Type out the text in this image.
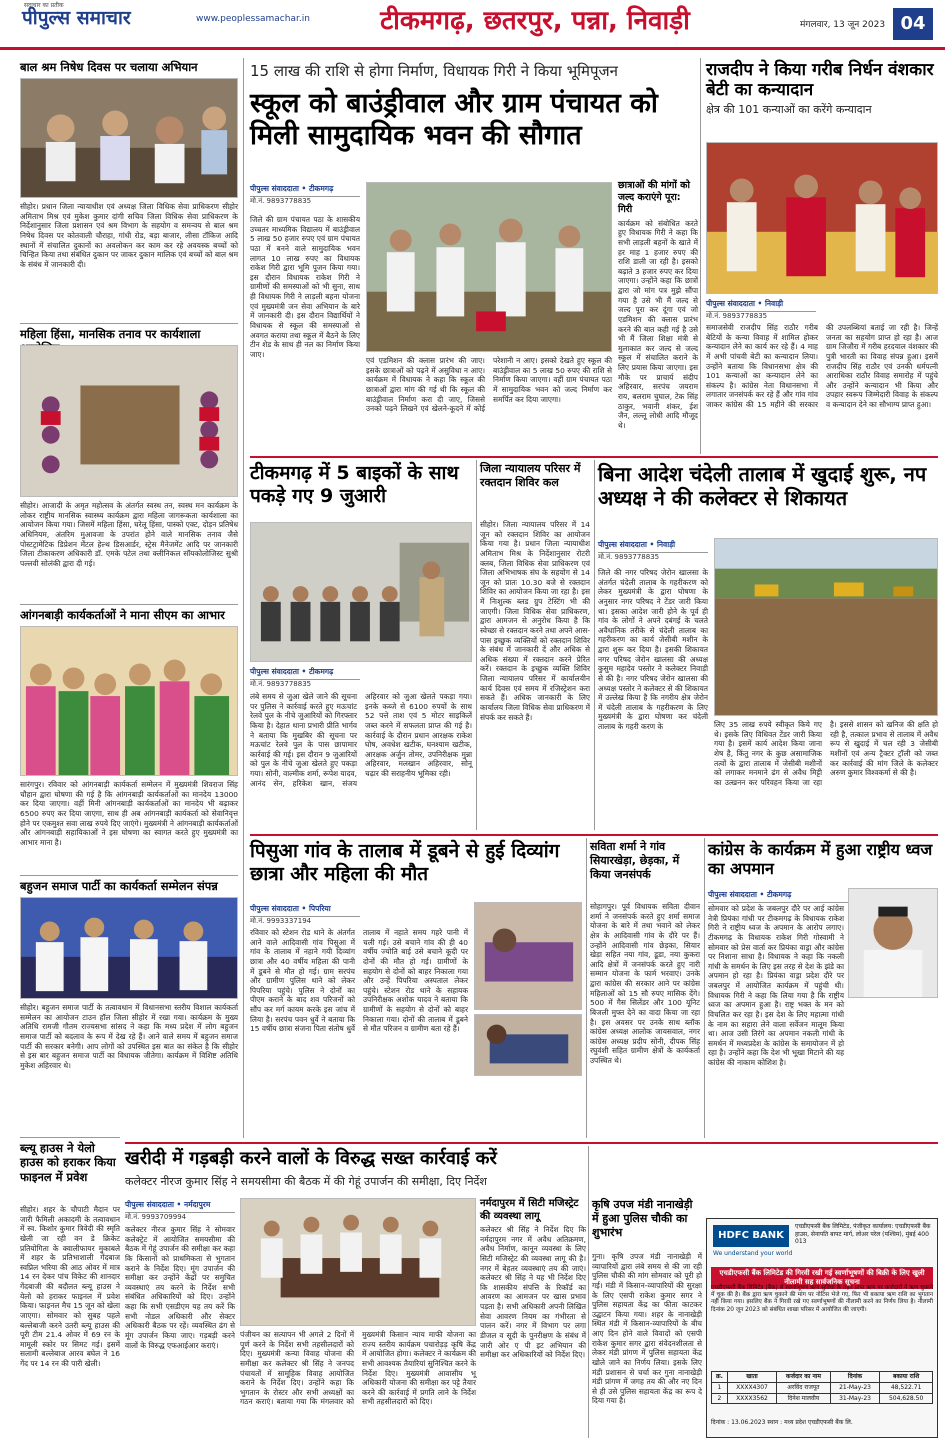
सदाचार का प्रतीक
पीपुल्स समाचार	www.peoplessamachar.in	टीकमगढ़, छतरपुर, पन्ना, निवाड़ी	मंगलवार, 13 जून 2023 04
बाल श्रम निषेध दिवस पर चलाया अभियान
सीहोर। प्रधान जिला न्यायाधीश एवं अध्यक्ष जिला विधिक सेवा प्राधिकरण सीहोर अमिताभ मिश्र एवं मुकेश कुमार दांगी सचिव जिला विधिक सेवा प्राधिकरण के निर्देशानुसार जिला प्रशासन एवं श्रम विभाग के सहयोग व समन्वय से बाल श्रम निषेध दिवस पर कोतवाली चौराहा, गांधी रोड, बड़ा बाजार, लीसा टॉकिज आदि स्थानों में संचालित दुकानों का अवलोकन कर काम कर रहे अवयस्क बच्चों को चिन्हित किया तथा संबंधित दुकान पर जाकर दुकान मालिक एवं बच्चों को बाल श्रम के संबंध में जानकारी दी।
महिला हिंसा, मानसिक तनाव पर कार्यशाला
सीहोर। आजादी के अमृत महोत्सव के अंतर्गत स्वस्थ तन, स्वस्थ मन कार्यक्रम के लोकर राष्ट्रीय मानसिक स्वास्थ्य कार्यक्रम द्वारा महिला जागरूकता कार्यशाला का आयोजन किया गया। जिसमें महिला हिंसा, घरेलू हिंसा, पास्को एक्ट, दोड़न प्रतिषेध अधिनियम, अंतरिम मुआवजा के उपरांत होने वाले मानसिक तनाव जैसे पोस्टट्रामेटिक डिप्रेशन मेंटल हेल्थ डिसआर्डर, स्ट्रेस मैनेजमेंट आदि पर जानकारी जिला टीकाकरण अधिकारी डॉ. एमके पटेल तथा क्लीनिकल सॉयकोलोजिस्ट सुश्री पल्लवी सोलंकी द्वारा दी गई।
आंगनबाड़ी कार्यकर्ताओं ने माना सीएम का आभार
सारंगपुर। रविवार को आंगनबाड़ी कार्यकर्ता सम्मेलन में मुख्यमंत्री शिवराज सिंह चौहान द्वारा घोषणा की गई है कि आंगनबाड़ी कार्यकर्ताओं का मानदेय 13000 कर दिया जाएगा। वहीं मिनी आंगनबाड़ी कार्यकर्ताओं का मानदेय भी बढ़ाकर 6500 रुपए कर दिया जाएगा, साथ ही अब आंगनबाड़ी कार्यकर्ता को सेवानिवृत्त होने पर एकमुश्त सवा लाख रुपये दिए जाएंगे। मुख्यमंत्री ने आंगनबाड़ी कार्यकर्ताओं और आंगनबाड़ी सहायिकाओं ने इस घोषणा का स्वागत करते हुए मुख्यमंत्री का आभार माना है।
बहुजन समाज पार्टी का कार्यकर्ता सम्मेलन संपन्न
सीहोर। बहुजन समाज पार्टी के तत्वावधान में विधानसभा स्तरीय विशाल कार्यकर्ता सम्मेलन का आयोजन टाउन हॉल जिला सीहोर में रखा गया। कार्यक्रम के मुख्य अतिथि रामजी गौतम राज्यसभा सांसद ने कहा कि मध्य प्रदेश में लोग बहुजन समाज पार्टी को बदलाव के रूप में देख रहे हैं। आने वाले समय में बहुजन समाज पार्टी की सरकार बनेगी। आप लोगों को उपस्थित इस बात का संकेत है कि सीहोर से इस बार बहुजन समाज पार्टी का विधायक जीतेगा। कार्यक्रम में विशिष्ट अतिथि मुकेश अहिरवार थे।
ब्ल्यू हाउस ने येलो हाउस को हराकर किया फाइनल में प्रवेश
सीहोर। शहर के चौपाटी मैदान पर जारी फैमिली अकादमी के तत्वावधान में स्व. किशोर कुमार त्रिवेदी की स्मृति खेली जा रही वन डे क्रिकेट प्रतियोगिता के क्वालीफायर मुकाबले में शहर के प्रतिभाशाली गेंदबाज स्वप्निल भरिया की आठ ओवर में मात्र 14 रन देकर पांच विकेट की शानदार गेंदबाजी की बदौलत ब्ल्यू हाउस ने येलो को हराकर फाइनल में प्रवेश किया। फाइनल मैच 15 जून को खेला जाएगा। सोमवार को सुबह पहले बल्लेबाजी करने उतरी ब्ल्यू हाउस की पूरी टीम 21.4 ओवर में 69 रन के मामूली स्कोर पर सिमट गई। इसमें सलामी बल्लेबाज आरव बघेल ने 16 गेंद पर 14 रन की पारी खेली।
15 लाख की राशि से होगा निर्माण, विधायक गिरी ने किया भूमिपूजन
स्कूल को बाउंड्रीवाल और ग्राम पंचायत को मिली सामुदायिक भवन की सौगात
पीपुल्स संवाददाता • टीकमगढ़
मो.नं. 9893778835
जिले की ग्राम पंचायत पठा के शासकीय उच्चतर माध्यमिक विद्यालय में बाउंड्रीवाल 5 लाख 50 हजार रुपए एवं ग्राम पंचायत पठा में बनने वाले सामुदायिक भवन लागत 10 लाख रुपए का विधायक राकेश गिरी द्वारा भूमि पूजन किया गया। इस दौरान विधायक राकेश गिरी ने ग्रामीणों की समस्याओं को भी सुना, साथ ही विधायक गिरी ने लाड़ली बहना योजना एवं मुख्यमंत्री जन सेवा अभियान के बारे में जानकारी दी। इस दौरान विद्यार्थियों ने विधायक से स्कूल की समस्याओं से अवगत कराया तथा स्कूल में बैठने के लिए टीन शेड के साथ ही नल का निर्माण किया जाए।
एवं एडमिशन की क्लास प्रारंभ की जाए। इसके छात्राओं को पढ़ने में असुविधा न आए। कार्यक्रम में विधायक ने कहा कि स्कूल की छात्राओं द्वारा मांग की गई थी कि स्कूल की बाउंड्रीवाल निर्माण करा दी जाए, जिससे उनको पढ़ने लिखने एवं खेलने-कूदने में कोई परेशानी न आए। इसको देखते हुए स्कूल की बाउंड्रीवाल का 5 लाख 50 रुपए की राशि से निर्माण किया जाएगा। वहीं ग्राम पंचायत पठा में सामुदायिक भवन को जल्द निर्माण कर समर्पित कर दिया जाएगा।
छात्राओं की मांगों को जल्द कराएंगे पूरा: गिरी
कार्यक्रम को संबोधित करते हुए विधायक गिरी ने कहा कि सभी लाड़ली बहनों के खाते में हर माह 1 हजार रुपए की राशि डाली जा रही है। इसको बढ़ाते 3 हजार रुपए कर दिया जाएगा। उन्होंने कहा कि छात्रों द्वारा जो मांग पत्र मुझे सौंपा गया है उसे भी मैं जल्द से जल्द पूरा कर दूंगा एवं जो एडमिशन की क्लास प्रारंभ करने की बात कही गई है उसे भी मैं जिला शिक्षा मंत्री से मुलाकात कर जल्द से जल्द स्कूल में संचालित कराने के लिए प्रयास किया जाएगा। इस मौके पर प्राचार्य संदीप अहिरवार, सरपंच जयराम राय, बलराम चुघाल, टेक सिंह ठाकुर, भवानी शंकर, ईश जैन, लल्लू लोधी आदि मौजूद थे।
राजदीप ने किया गरीब निर्धन वंशकार बेटी का कन्यादान
क्षेत्र की 101 कन्याओं का करेंगे कन्यादान
पीपुल्स संवाददाता • निवाड़ी
मो.नं. 9893778835
समाजसेवी राजदीप सिंह राठौर गरीब बेटियों के कन्या विवाह में शामिल होकर कन्यादान लेने का कार्य कर रहे हैं। 4 माह में अभी पांचवी बेटी का कन्यादान लिया। उन्होंने बताया कि विधानसभा क्षेत्र की 101 कन्याओं का कन्यादान लेने का संकल्प है। कांग्रेस नेता विधानसभा में लगातार जनसंपर्क कर रहे हैं और गांव गांव जाकर कांग्रेस की 15 महीने की सरकार की उपलब्धियां बताई जा रही है। जिन्हें जनता का सहयोग प्राप्त हो रहा है। आज ग्राम जिजौरा में गरीब हरदयाल वंशकार की पुत्री भारती का विवाह संपन्न हुआ। इसमें राजदीप सिंह राठौर एवं उनकी धर्मपत्नी आराधिका राठौर विवाह समारोह में पहुंचे और उन्होंने कन्यादान भी किया और उपहार स्वरूप जिम्मेदारी विवाह के संकल्प व कन्यादान देने का सौभाग्य प्राप्त हुआ।
टीकमगढ़ में 5 बाइकों के साथ पकड़े गए 9 जुआरी
पीपुल्स संवाददाता • टीकमगढ़
मो.नं. 9893778835
लंबे समय से जुआ खेले जाने की सूचना पर पुलिस ने कार्रवाई करते हुए मऊचांट रेलवे पुल के नीचे जुआरियों को गिरफ्तार किया है। देहात थाना प्रभारी प्रीति भार्गव ने बताया कि मुखबिर की सूचना पर मऊचांट रेलवे पुल के पास छापामार कार्रवाई की गई। इस दौरान 9 जुआरियों को पुल के नीचे जुआ खेलते हुए पकड़ा गया। सोनी, वाल्मीक शर्मा, रूपेश यादव, आनंद सेन, हरिकेश खान, संजय अहिरवार को जुआ खेलते पकड़ा गया। इनके कब्जे से 6100 रुपयों के साथ 52 पत्ते ताश एवं 5 मोटर साइकिलें जब्त करने में सफलता प्राप्त की गई है। कार्रवाई के दौरान प्रधान आरक्षक राकेश घोष, अवधेश खटीक, घनश्याम खटीक, आरक्षक अर्जुन तोमर, उपनिरीक्षक मुन्ना अहिरवार, मलखान अहिरवार, सोनू चढ़ार की सराहनीय भूमिका रही।
जिला न्यायालय परिसर में रक्तदान शिविर कल
सीहोर। जिला न्यायालय परिसर में 14 जून को रक्तदान शिविर का आयोजन किया गया है। प्रधान जिला न्यायाधीश अमिताभ मिश्र के निर्देशानुसार रोटरी क्लब, जिला विधिक सेवा प्राधिकरण एवं जिला अभिभाषक संघ के सहयोग से 14 जून को प्रातः 10.30 बजे से रक्तदान शिविर का आयोजन किया जा रहा है। इस में निःशुल्क ब्लड ग्रुप टेस्टिंग भी की जाएगी। जिला विधिक सेवा प्राधिकरण, द्वारा आमजन से अनुरोध किया है कि स्वेच्छा से रक्तदान करने तथा अपने आस-पास इच्छुक व्यक्तियों को रक्तदान शिविर के संबंध में जानकारी दें और अधिक से अधिक संख्या में रक्तदान करने प्रेरित करें। रक्तदान के इच्छुक व्यक्ति शिविर जिला न्यायालय परिसर में कार्यालयीन कार्य दिवस एवं समय में रजिस्ट्रेशन करा सकते हैं। अधिक जानकारी के लिए कार्यालय जिला विधिक सेवा प्राधिकरण में संपर्क कर सकते हैं।
बिना आदेश चंदेली तालाब में खुदाई शुरू, नप अध्यक्ष ने की कलेक्टर से शिकायत
पीपुल्स संवाददाता • निवाड़ी
मो.नं. 9893778835
जिले की नगर परिषद जेरोन खालसा के अंतर्गत चंदेली तालाब के गहरीकरण को लेकर मुख्यमंत्री के द्वारा घोषणा के अनुसार नगर परिषद ने टेंडर जारी किया था। इसका आदेश जारी होने के पूर्व ही गांव के लोगों ने अपने दबंगई के चलते अवैधानिक तरीके से चंदेली तालाब का गहरीकरण का कार्य जेसीबी मशीन के द्वारा शुरू कर दिया है। इसकी शिकायत नगर परिषद जेरोन खालसा की अध्यक्ष कुसुम महादेव पस्तोर ने कलेक्टर निवाड़ी से की है। नगर परिषद जेरोन खालसा की अध्यक्ष पस्तोर ने कलेक्टर से की शिकायत में उल्लेख किया है कि नगरीय क्षेत्र जेरोन में चंदेली तालाब के गहरीकरण के लिए मुख्यमंत्री के द्वारा घोषणा कर चंदेली तालाब के गहरी करण के	लिए 35 लाख रुपये स्वीकृत किये गए थे। इसके लिए विधिवत टेंडर जारी किया गया है। इसमें कार्य आदेश किया जाना शेष है, किंतु नगर के कुछ असामाजिक तत्वों के द्वारा तालाब में जेसीबी मशीनों को लगाकर मनमाने ढंग से अवैध मिट्टी का उत्खनन कर परिवहन किया जा रहा है। इससे शासन को खनिज की क्षति हो रही है, तत्काल प्रभाव से तालाब में अवैध रूप से खुदाई में चल रही 3 जेसीबी मशीनों एवं अन्य ट्रैक्टर ट्रॉली को जब्त कर कार्रवाई की मांग जिले के कलेक्टर अरुण कुमार विश्वकर्मा से की है।
पिसुआ गांव के तालाब में डूबने से हुई दिव्यांग छात्रा और महिला की मौत
पीपुल्स संवाददाता • पिपरिया
मो.नं. 9993337194
रविवार को स्टेशन रोड थाने के अंतर्गत आने वाले आदिवासी गांव पिसुआ में गांव के तालाब में नहाने गयी दिव्यांग छात्रा और 40 वर्षीय महिला की पानी में डूबने से मौत हो गई। ग्राम सरपंच और ग्रामीण पुलिस थाने को लेकर पिपरिया पहुंचे। पुलिस ने दोनों का पीएम कराने के बाद शव परिजनों को सौंप कर मर्ग कायम करके इस जांच में लिया है। सरपंच पवन धुर्वे ने बताया कि 15 वर्षीय छात्रा संजना पिता संतोष धुर्वे तालाब में नहाते समय गहरे पानी में चली गई। उसे बचाने गांव की ही 40 वर्षीय ज्योति बाई उसे बचाने कूदी पर दोनों की मौत हो गई। ग्रामीणों के सहयोग से दोनों को बाहर निकाला गया और उन्हें पिपरिया अस्पताल लेकर पहुंचे। स्टेशन रोड थाने के सहायक उपनिरीक्षक अशोक यादव ने बताया कि ग्रामीणों के सहयोग से दोनों को बाहर निकाला गया। दोनों की तालाब में डूबने से मौत परिजन व ग्रामीण बता रहे हैं।
सविता शर्मा ने गांव सियारखेड़ा, छेड़का, में किया जनसंपर्क
सोहागपुर। पूर्व विधायक सविता दीवान शर्मा ने जनसंपर्क करते हुए शर्मा समाज योजना के बारे में तथा भवाने को लेकर क्षेत्र के आदिवासी गांव के दौरे पर हैं। उन्होंने आदिवासी गांव छेड़का, सियार खेड़ा सहित नया गांव, डूडा, नया कुकरा आदि क्षेत्रों में जनसंपर्क करते हुए नारी सम्मान योजना के फार्म भरवाए। उनके द्वारा कांग्रेस की सरकार आने पर कांग्रेस महिलाओं को 15 सौ रुपए मासिक देंगे। 500 में गैस सिलेंडर और 100 यूनिट बिजली मुफ्त देने का वादा किया जा रहा है। इस अवसर पर उनके साथ ब्लॉक कांग्रेस अध्यक्ष आलोक जायसवाल, नगर कांग्रेस अध्यक्ष प्रदीप सोनी, दीपक सिंह रघुवंशी सहित ग्रामीण क्षेत्रों के कार्यकर्ता उपस्थित थे।
कांग्रेस के कार्यक्रम में हुआ राष्ट्रीय ध्वज का अपमान
पीपुल्स संवाददाता • टीकमगढ़
सोमवार को प्रदेश के जबलपुर दौरे पर आई कांग्रेस नेत्री प्रियंका गांधी पर टीकमगढ़ के विधायक राकेश गिरी ने राष्ट्रीय ध्वज के अपमान के आरोप लगाए। टीकमगढ़ के विधायक राकेश गिरी गोस्वामी ने सोमवार को प्रेस वार्ता कर प्रियंका वाड्रा और कांग्रेस पर निशाना साधा है। विधायक ने कहा कि नकली गांधी के समर्थन के लिए इस तरह से देश के झंडे का अपमान हो रहा है। प्रियंका वाड्रा प्रदेश दौरे पर जबलपुर में आयोजित कार्यक्रम में पहुंची थी। विधायक गिरी ने कहा कि लिया गया है कि राष्ट्रीय ध्वज का अपमान हुआ है। राष्ट्र भक्त के मन को विचलित कर रहा है। इस देश के लिए महात्मा गांधी के नाम का सहारा लेने वाला सर्वेजन मालूम किया था। आज उसी तिरंगे का अपमान नकली गांधी के समर्थन में मध्यप्रदेश के कांग्रेस के समायोजन में हो रहा है। उन्होंने कहा कि देश भी भूखा मिटाने की यह कांग्रेस की नाकाम कोशिश है।
खरीदी में गड़बड़ी करने वालों के विरुद्ध सख्त कार्रवाई करें
कलेक्टर नीरज कुमार सिंह ने समयसीमा की बैठक में की गेहूं उपार्जन की समीक्षा, दिए निर्देश
पीपुल्स संवाददाता • नर्मदापुरम
मो.नं. 9993709994
कलेक्टर नीरज कुमार सिंह ने सोमवार कलेक्ट्रेट में आयोजित समयसीमा की बैठक में गेहूं उपार्जन की समीक्षा कर कहा कि किसानों को प्राथमिकता से भुगतान कराने के निर्देश दिए। मूंग उपार्जन की समीक्षा कर उन्होंने केंद्रों पर समुचित व्यवस्थाएं तय करने के निर्देश सभी संबंधित अधिकारियों को दिए। उन्होंने कहा कि सभी एसडीएम यह तय करें कि सभी नोडल अधिकारी और सेक्टर अधिकारी बैठक पर रहें। व्यवस्थित ढंग से मूंग उपार्जन किया जाए। गड़बड़ी करने वालों के विरुद्ध एफआईआर कराएं।
पंजीयन का सत्यापन भी अगले 2 दिनों में पूर्ण करने के निर्देश सभी तहसीलदारों को दिए। मुख्यमंत्री कन्या विवाह योजना की समीक्षा कर कलेक्टर श्री सिंह ने जनपद पंचायतों में सामूहिक विवाह आयोजित कराने के निर्देश दिए। उन्होंने कहा कि भुगतान के रोस्टर और सभी अध्यक्षों का गठन कराएं। बताया गया कि मंगलवार को मुख्यमंत्री किसान न्याय माफी योजना का राज्य स्तरीय कार्यक्रम पचारोड़ड़ कृषि केंद्र में आयोजित होगा। कलेक्टर ने कार्यक्रम की सभी आवश्यक तैयारियां सुनिश्चित करने के निर्देश दिए। मुख्यमंत्री आवासीय भू अधिकारी योजना की समीक्षा कर पट्टे तैयार करने की कार्रवाई में प्रगति लाने के निर्देश सभी तहसीलदारों को दिए।
नर्मदापुरम में सिटी मजिस्ट्रेट की व्यवस्था लागू
कलेक्टर श्री सिंह ने निर्देश दिए कि नर्मदापुरम नगर में अवैध अतिक्रमण, अवैध निर्माण, कानून व्यवस्था के लिए सिटी मजिस्ट्रेट की व्यवस्था लागू की है। नगर में बेहतर व्यवस्थाएं तय की जाएं। कलेक्टर श्री सिंह ने यह भी निर्देश दिए कि शासकीय संपत्ति के रिकॉर्ड का आवरण का आमजन पर खास प्रभाव पड़ता है। सभी अधिकारी अपनी लिखित सेवा आवरण नियम का गंभीरता से पालन करें। नगर में विभाग पर लगा डीजल व सूदी के पुनरीक्षण के संबंध में जारी ओर ए पी इट अभियान की समीक्षा कर अधिकारियों को निर्देश दिए।
कृषि उपज मंडी नानाखेड़ी में हुआ पुलिस चौकी का शुभारंभ
गुना। कृषि उपज मंडी नानाखेड़ी में व्यापारियों द्वारा लंबे समय से की जा रही पुलिस चौकी की मांग सोमवार को पूरी हो गई। मंडी में किसान-व्यापारियों की सुरक्षा के लिए एसपी राकेश कुमार सगर ने पुलिस सहायता केंद्र का फीता काटकर उद्घाटन किया गया। शहर के नानाखेड़ी स्थित मंडी में किसान-व्यापारियों के बीच आए दिन होने वाले विवादों को एसपी राकेश कुमार सगर द्वारा संवेदनशीलता से लेकर मंडी प्रांगण में पुलिस सहायता केंद्र खोले जाने का निर्णय लिया। इसके लिए मंडी प्रशासन से चर्चा कर गुना नानाखेड़ी मंडी प्रांगण में जगह तय की और नए दिन से ही उसे पुलिस सहायता केंद्र का रूप दे दिया गया है।
HDFC BANK
We understand your world
एचडीएफसी बैंक लिमिटेड, पंजीकृत कार्यालय: एचडीएफसी बैंक हाउस, सेनापति बापट मार्ग, लोअर परेल (पश्चिम), मुंबई 400 013
एचडीएफसी बैंक लिमिटेड की गिरवी रखी गई स्वर्णाभूषणों की बिक्री के लिए खुली नीलामी सह सार्वजनिक सूचना
एचडीएफसी बैंक लिमिटेड (बैंक) से स्वर्णाभूषण ऋण सुविधा के तहत प्राप्त ऋण पर कर्जदारों ने ऋण चुकाने में चूक की है। बैंक द्वारा ऋण चुकाने की मांग पर नोटिस भेजे गए, फिर भी बकाया ऋण राशि का भुगतान नहीं किया गया। इसलिए बैंक ने गिरवी रखे गए स्वर्णाभूषणों की नीलामी करने का निर्णय लिया है। नीलामी दिनांक 20 जून 2023 को संबंधित शाखा परिसर में आयोजित की जाएगी।
क्र.	खाता	कर्जदार का नाम	दिनांक	बकाया राशि
1	XXXX4307	अरविंद राजपूत	21-May-23	48,522.71
2	XXXX3562	दिनेश मालवीय	31-May-23	504,628.50
दिनांक : 13.06.2023 स्थान : मध्य प्रदेश एचडीएफसी बैंक लि.
